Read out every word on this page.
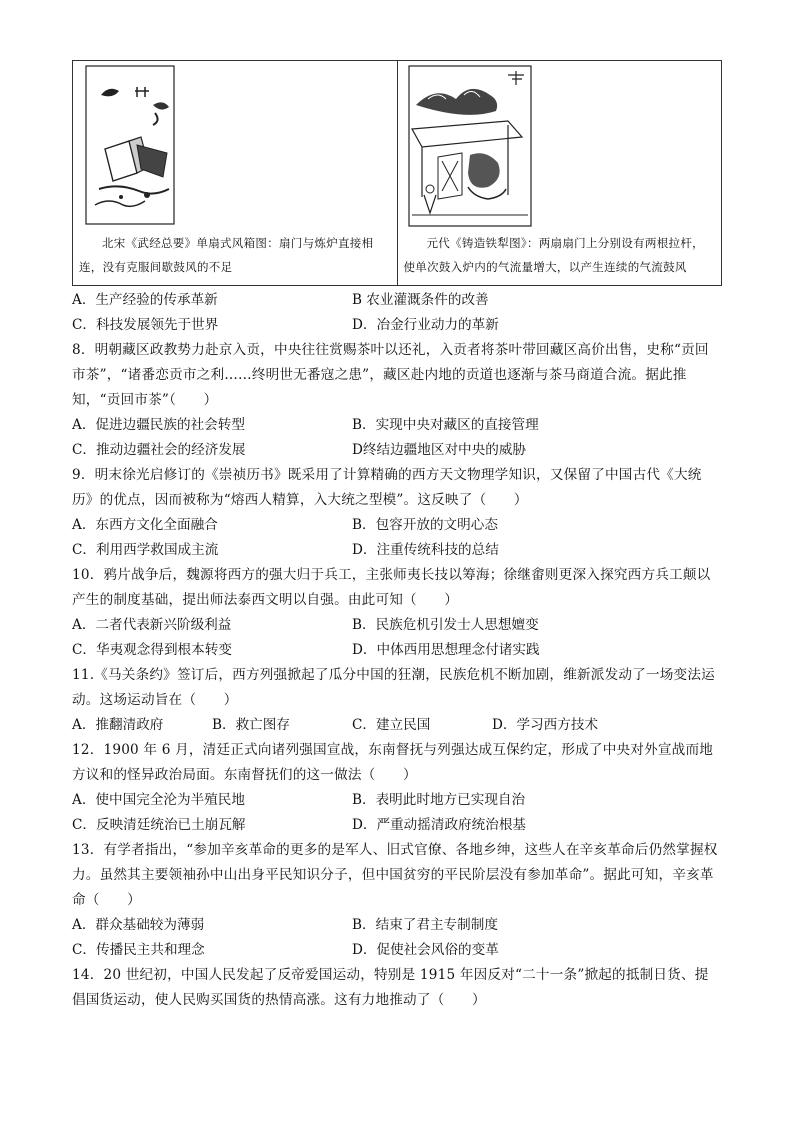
北宋《武经总要》单扇式风箱图：扇门与炼炉直接相连，没有克服间歇鼓风的不足
元代《铸造铁犁图》：两扇扇门上分别设有两根拉杆，使单次鼓入炉内的气流量增大，以产生连续的气流鼓风
A．生产经验的传承革新	B 农业灌溉条件的改善
C．科技发展领先于世界	D．冶金行业动力的革新

8．明朝藏区政教势力赴京入贡，中央往往赏赐茶叶以还礼，入贡者将茶叶带回藏区高价出售，史称“贡回市茶”，“诸番恋贡市之利……终明世无番寇之患”，藏区赴内地的贡道也逐渐与茶马商道合流。据此推知，“贡回市茶”（　　）

A．促进边疆民族的社会转型	B．实现中央对藏区的直接管理
C．推动边疆社会的经济发展	D终结边疆地区对中央的威胁

9．明末徐光启修订的《崇祯历书》既采用了计算精确的西方天文物理学知识，又保留了中国古代《大统历》的优点，因而被称为“熔西人精算，入大统之型模”。这反映了（　　）

A．东西方文化全面融合	B．包容开放的文明心态
C．利用西学救国成主流	D．注重传统科技的总结

10．鸦片战争后，魏源将西方的强大归于兵工，主张师夷长技以筹海；徐继畬则更深入探究西方兵工颠以产生的制度基础，提出师法泰西文明以自强。由此可知（　　）

A．二者代表新兴阶级利益	B．民族危机引发士人思想嬗变
C．华夷观念得到根本转变	D．中体西用思想理念付诸实践

11.《马关条约》签订后，西方列强掀起了瓜分中国的狂潮，民族危机不断加剧，维新派发动了一场变法运动。这场运动旨在（　　）

A．推翻清政府	B．救亡图存	C．建立民国	D．学习西方技术

12．1900 年 6 月，清廷正式向诸列强国宣战，东南督抚与列强达成互保约定，形成了中央对外宣战而地方议和的怪异政治局面。东南督抚们的这一做法（　　）

A．使中国完全沦为半殖民地	B．表明此时地方已实现自治
C．反映清廷统治已土崩瓦解	D．严重动摇清政府统治根基

13．有学者指出，“参加辛亥革命的更多的是军人、旧式官僚、各地乡绅，这些人在辛亥革命后仍然掌握权力。虽然其主要领袖孙中山出身平民知识分子，但中国贫穷的平民阶层没有参加革命”。据此可知，辛亥革命（　　）

A．群众基础较为薄弱	B．结束了君主专制制度
C．传播民主共和理念	D．促使社会风俗的变革

14．20 世纪初，中国人民发起了反帝爱国运动，特别是 1915 年因反对“二十一条”掀起的抵制日货、提倡国货运动，使人民购买国货的热情高涨。这有力地推动了（　　）
